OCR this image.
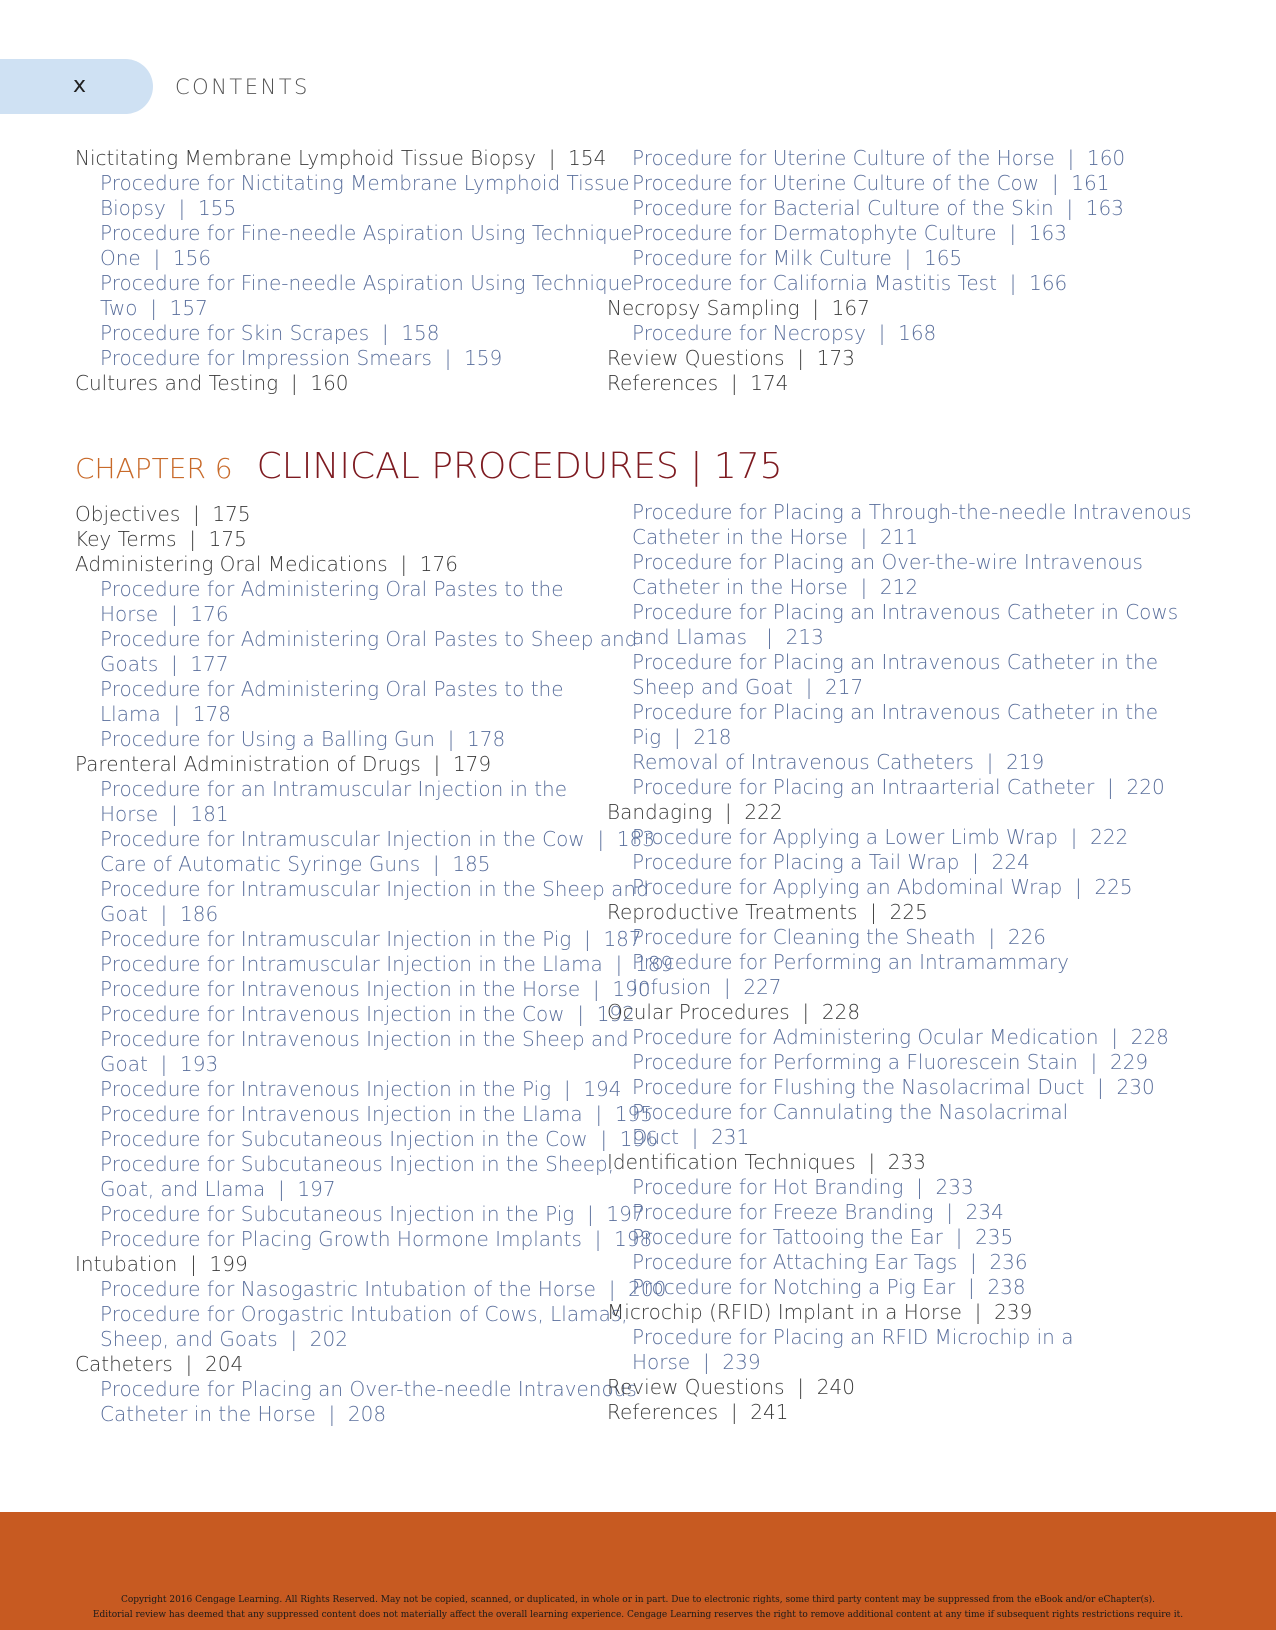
x	CONTENTS
Nictitating Membrane Lymphoid Tissue Biopsy  |  154
Procedure for Nictitating Membrane Lymphoid Tissue
Biopsy  |  155
Procedure for Fine-needle Aspiration Using Technique
One  |  156
Procedure for Fine-needle Aspiration Using Technique
Two  |  157
Procedure for Skin Scrapes  |  158
Procedure for Impression Smears  |  159
Cultures and Testing  |  160
Procedure for Uterine Culture of the Horse  |  160
Procedure for Uterine Culture of the Cow  |  161
Procedure for Bacterial Culture of the Skin  |  163
Procedure for Dermatophyte Culture  |  163
Procedure for Milk Culture  |  165
Procedure for California Mastitis Test  |  166
Necropsy Sampling  |  167
Procedure for Necropsy  |  168
Review Questions  |  173
References  |  174
CHAPTER 6 CLINICAL PROCEDURES | 175
Objectives  |  175
Key Terms  |  175
Administering Oral Medications  |  176
Procedure for Administering Oral Pastes to the
Horse  |  176
Procedure for Administering Oral Pastes to Sheep and
Goats  |  177
Procedure for Administering Oral Pastes to the
Llama  |  178
Procedure for Using a Balling Gun  |  178
Parenteral Administration of Drugs  |  179
Procedure for an Intramuscular Injection in the
Horse  |  181
Procedure for Intramuscular Injection in the Cow  |  183
Care of Automatic Syringe Guns  |  185
Procedure for Intramuscular Injection in the Sheep and
Goat  |  186
Procedure for Intramuscular Injection in the Pig  |  187
Procedure for Intramuscular Injection in the Llama  |  189
Procedure for Intravenous Injection in the Horse  |  190
Procedure for Intravenous Injection in the Cow  |  192
Procedure for Intravenous Injection in the Sheep and
Goat  |  193
Procedure for Intravenous Injection in the Pig  |  194
Procedure for Intravenous Injection in the Llama  |  195
Procedure for Subcutaneous Injection in the Cow  |  196
Procedure for Subcutaneous Injection in the Sheep,
Goat, and Llama  |  197
Procedure for Subcutaneous Injection in the Pig  |  197
Procedure for Placing Growth Hormone Implants  |  198
Intubation  |  199
Procedure for Nasogastric Intubation of the Horse  |  200
Procedure for Orogastric Intubation of Cows, Llamas,
Sheep, and Goats  |  202
Catheters  |  204
Procedure for Placing an Over-the-needle Intravenous
Catheter in the Horse  |  208
Procedure for Placing a Through-the-needle Intravenous
Catheter in the Horse  |  211
Procedure for Placing an Over-the-wire Intravenous
Catheter in the Horse  |  212
Procedure for Placing an Intravenous Catheter in Cows
and Llamas   |  213
Procedure for Placing an Intravenous Catheter in the
Sheep and Goat  |  217
Procedure for Placing an Intravenous Catheter in the
Pig  |  218
Removal of Intravenous Catheters  |  219
Procedure for Placing an Intraarterial Catheter  |  220
Bandaging  |  222
Procedure for Applying a Lower Limb Wrap  |  222
Procedure for Placing a Tail Wrap  |  224
Procedure for Applying an Abdominal Wrap  |  225
Reproductive Treatments  |  225
Procedure for Cleaning the Sheath  |  226
Procedure for Performing an Intramammary
Infusion  |  227
Ocular Procedures  |  228
Procedure for Administering Ocular Medication  |  228
Procedure for Performing a Fluorescein Stain  |  229
Procedure for Flushing the Nasolacrimal Duct  |  230
Procedure for Cannulating the Nasolacrimal
Duct  |  231
Identification Techniques  |  233
Procedure for Hot Branding  |  233
Procedure for Freeze Branding  |  234
Procedure for Tattooing the Ear  |  235
Procedure for Attaching Ear Tags  |  236
Procedure for Notching a Pig Ear  |  238
Microchip (RFID) Implant in a Horse  |  239
Procedure for Placing an RFID Microchip in a
Horse  |  239
Review Questions  |  240
References  |  241
Copyright 2016 Cengage Learning. All Rights Reserved. May not be copied, scanned, or duplicated, in whole or in part. Due to electronic rights, some third party content may be suppressed from the eBook and/or eChapter(s).
Editorial review has deemed that any suppressed content does not materially affect the overall learning experience. Cengage Learning reserves the right to remove additional content at any time if subsequent rights restrictions require it.
